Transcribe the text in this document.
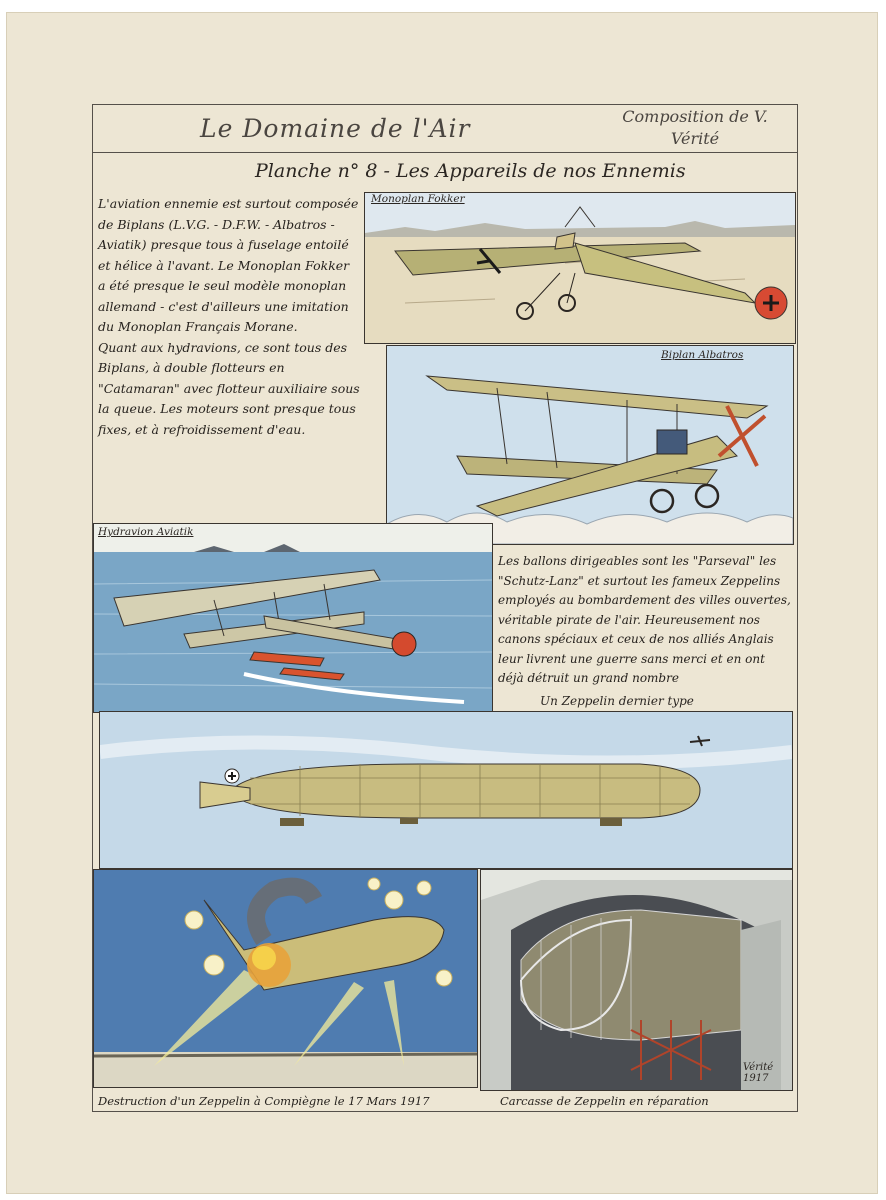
Le Domaine de l'Air	Composition de V. Vérité
Planche n° 8 - Les Appareils de nos Ennemis
L'aviation ennemie est surtout composée de Biplans (L.V.G. - D.F.W. - Albatros - Aviatik) presque tous à fuselage entoilé et hélice à l'avant. Le Monoplan Fokker a été presque le seul modèle monoplan allemand - c'est d'ailleurs une imitation du Monoplan Français Morane.
Quant aux hydravions, ce sont tous des Biplans, à double flotteurs en "Catamaran" avec flotteur auxiliaire sous la queue. Les moteurs sont presque tous fixes, et à refroidissement d'eau.
Monoplan Fokker
Biplan Albatros
Hydravion Aviatik
Les ballons dirigeables sont les "Parseval" les "Schutz-Lanz" et surtout les fameux Zeppelins employés au bombardement des villes ouvertes, véritable pirate de l'air. Heureusement nos canons spéciaux et ceux de nos alliés Anglais leur livrent une guerre sans merci et en ont déjà détruit un grand nombre
Un Zeppelin dernier type
Vérité
1917
Destruction d'un Zeppelin à Compiègne le 17 Mars 1917	Carcasse de Zeppelin en réparation
